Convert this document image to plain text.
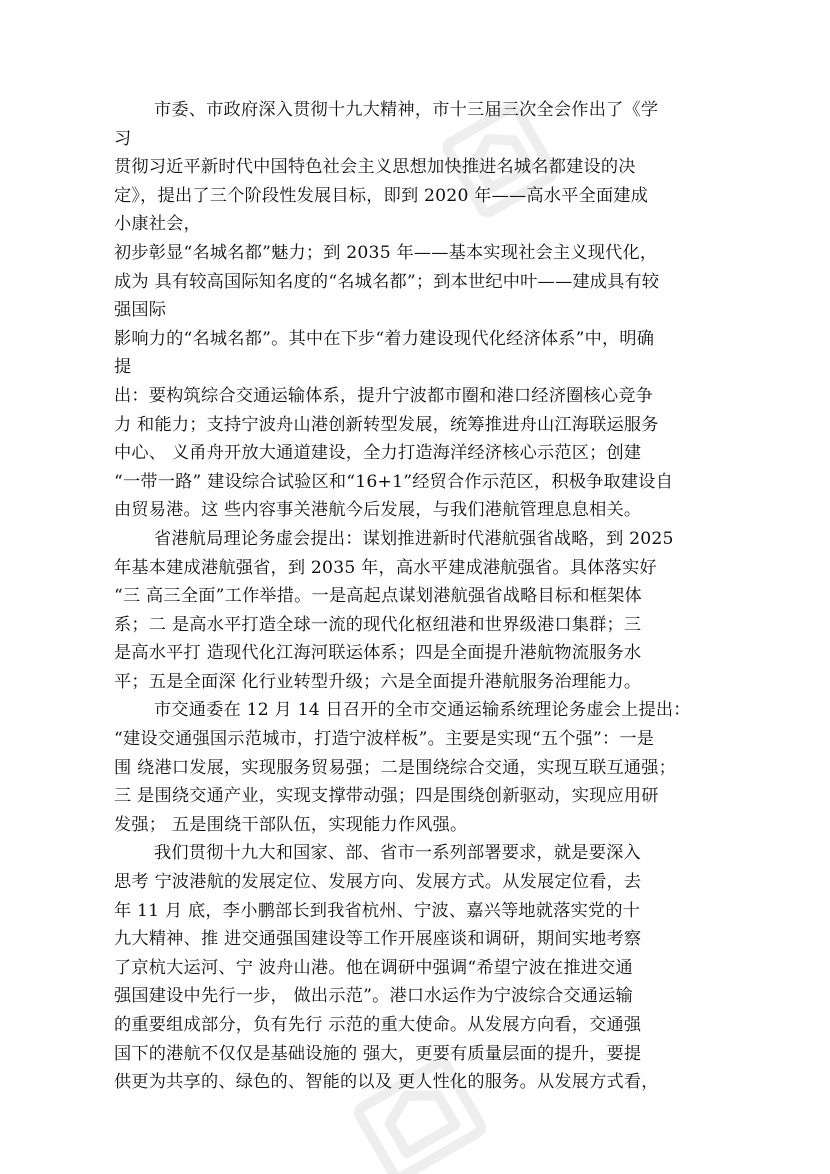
市委、市政府深入贯彻十九大精神，市十三届三次全会作出了《学
习
贯彻习近平新时代中国特色社会主义思想加快推进名城名都建设的决
定》，提出了三个阶段性发展目标，即到 2020 年——高水平全面建成
小康社会，
初步彰显“名城名都”魅力；到 2035 年——基本实现社会主义现代化，
成为 具有较高国际知名度的“名城名都”；到本世纪中叶——建成具有较
强国际
影响力的“名城名都”。其中在下步“着力建设现代化经济体系”中，明确
提
出：要构筑综合交通运输体系，提升宁波都市圈和港口经济圈核心竞争
力 和能力；支持宁波舟山港创新转型发展，统筹推进舟山江海联运服务
中心、 义甬舟开放大通道建设，全力打造海洋经济核心示范区；创建
“一带一路” 建设综合试验区和“16+1”经贸合作示范区，积极争取建设自
由贸易港。这 些内容事关港航今后发展，与我们港航管理息息相关。
省港航局理论务虚会提出：谋划推进新时代港航强省战略，到 2025
年基本建成港航强省，到 2035 年，高水平建成港航强省。具体落实好
“三 高三全面”工作举措。一是高起点谋划港航强省战略目标和框架体
系；二 是高水平打造全球一流的现代化枢纽港和世界级港口集群；三
是高水平打 造现代化江海河联运体系；四是全面提升港航物流服务水
平；五是全面深 化行业转型升级；六是全面提升港航服务治理能力。
市交通委在 12 月 14 日召开的全市交通运输系统理论务虚会上提出：
“建设交通强国示范城市，打造宁波样板”。主要是实现“五个强”：一是
围 绕港口发展，实现服务贸易强；二是围绕综合交通，实现互联互通强；
三 是围绕交通产业，实现支撑带动强；四是围绕创新驱动，实现应用研
发强； 五是围绕干部队伍，实现能力作风强。
我们贯彻十九大和国家、部、省市一系列部署要求，就是要深入
思考 宁波港航的发展定位、发展方向、发展方式。从发展定位看，去
年 11 月 底，李小鹏部长到我省杭州、宁波、嘉兴等地就落实党的十
九大精神、推 进交通强国建设等工作开展座谈和调研，期间实地考察
了京杭大运河、宁 波舟山港。他在调研中强调“希望宁波在推进交通
强国建设中先行一步， 做出示范”。港口水运作为宁波综合交通运输
的重要组成部分，负有先行 示范的重大使命。从发展方向看，交通强
国下的港航不仅仅是基础设施的 强大，更要有质量层面的提升，要提
供更为共享的、绿色的、智能的以及 更人性化的服务。从发展方式看，
